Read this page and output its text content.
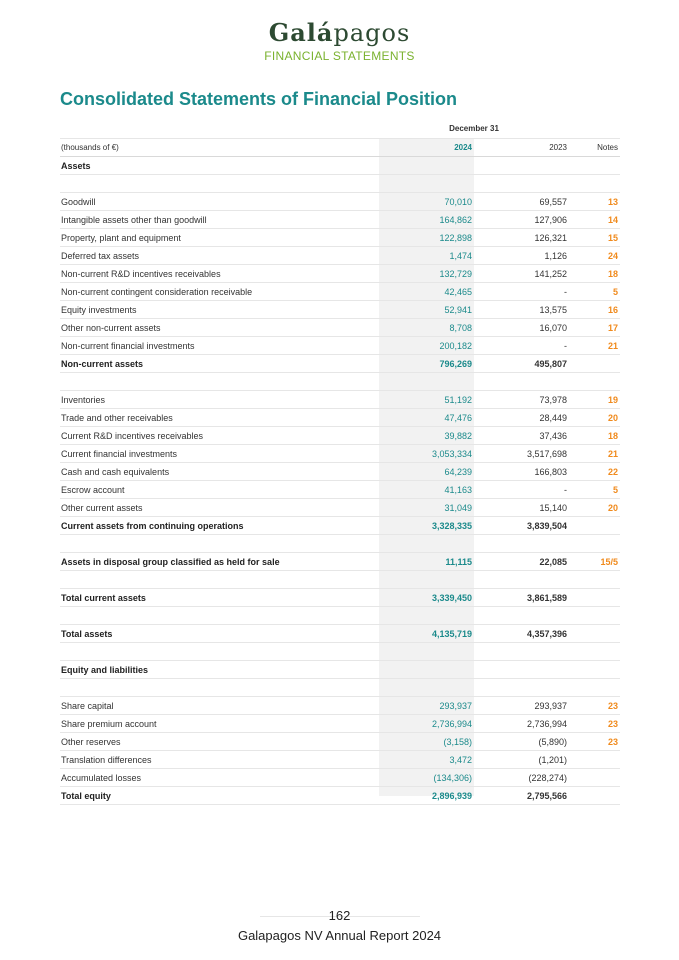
Galápagos
FINANCIAL STATEMENTS
Consolidated Statements of Financial Position
December 31
(thousands of €)	2024	2023	Notes
Assets
Goodwill	70,010	69,557	13
Intangible assets other than goodwill	164,862	127,906	14
Property, plant and equipment	122,898	126,321	15
Deferred tax assets	1,474	1,126	24
Non-current R&D incentives receivables	132,729	141,252	18
Non-current contingent consideration receivable	42,465	-	5
Equity investments	52,941	13,575	16
Other non-current assets	8,708	16,070	17
Non-current financial investments	200,182	-	21
Non-current assets	796,269	495,807
Inventories	51,192	73,978	19
Trade and other receivables	47,476	28,449	20
Current R&D incentives receivables	39,882	37,436	18
Current financial investments	3,053,334	3,517,698	21
Cash and cash equivalents	64,239	166,803	22
Escrow account	41,163	-	5
Other current assets	31,049	15,140	20
Current assets from continuing operations	3,328,335	3,839,504
Assets in disposal group classified as held for sale	11,115	22,085	15/5
Total current assets	3,339,450	3,861,589
Total assets	4,135,719	4,357,396
Equity and liabilities
Share capital	293,937	293,937	23
Share premium account	2,736,994	2,736,994	23
Other reserves	(3,158)	(5,890)	23
Translation differences	3,472	(1,201)
Accumulated losses	(134,306)	(228,274)
Total equity	2,896,939	2,795,566
162
Galapagos NV Annual Report 2024
